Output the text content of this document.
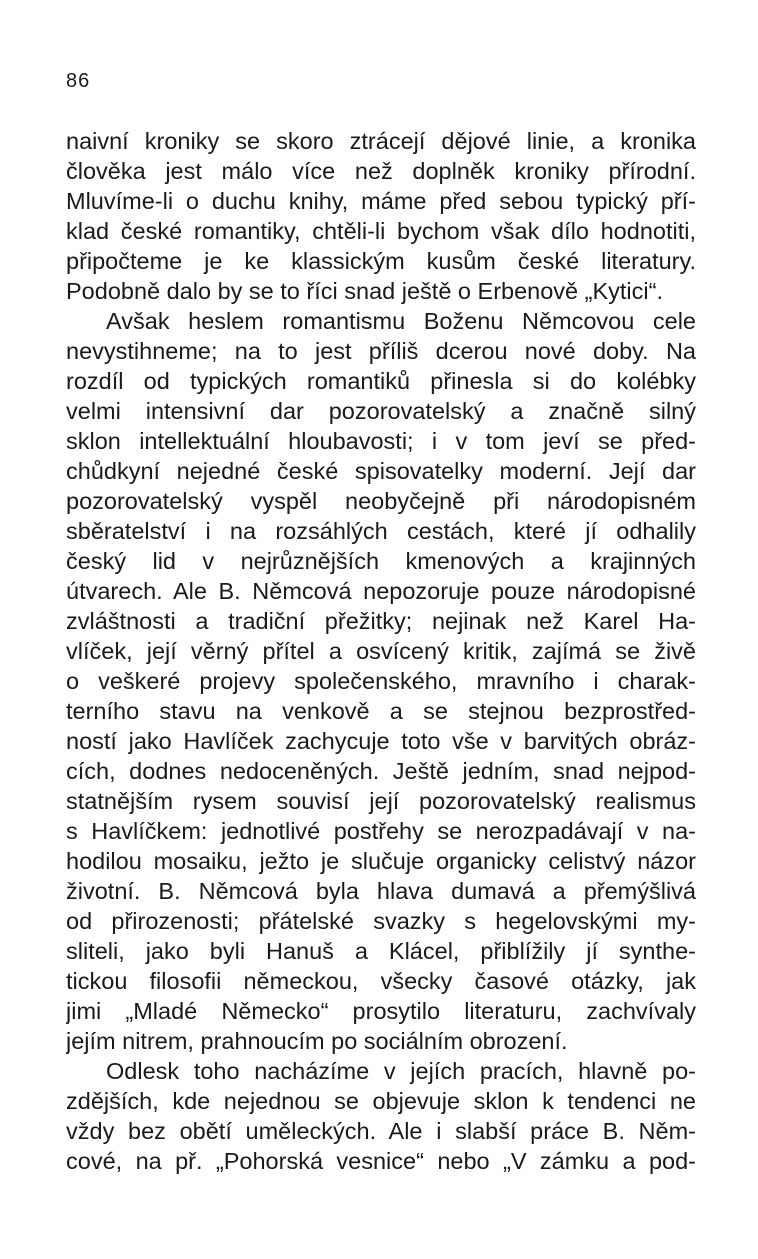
86
naivní kroniky se skoro ztrácejí dějové linie, a kronika
člověka jest málo více než doplněk kroniky přírodní.
Mluvíme-li o duchu knihy, máme před sebou typický pří-
klad české romantiky, chtěli-li bychom však dílo hodnotiti,
připočteme je ke klassickým kusům české literatury.
Podobně dalo by se to říci snad ještě o Erbenově „Kytici“.
Avšak heslem romantismu Boženu Němcovou cele
nevystihneme; na to jest příliš dcerou nové doby. Na
rozdíl od typických romantiků přinesla si do kolébky
velmi intensivní dar pozorovatelský a značně silný
sklon intellektuální hloubavosti; i v tom jeví se před-
chůdkyní nejedné české spisovatelky moderní. Její dar
pozorovatelský vyspěl neobyčejně při národopisném
sběratelství i na rozsáhlých cestách, které jí odhalily
český lid v nejrůznějších kmenových a krajinných
útvarech. Ale B. Němcová nepozoruje pouze národopisné
zvláštnosti a tradiční přežitky; nejinak než Karel Ha-
vlíček, její věrný přítel a osvícený kritik, zajímá se živě
o veškeré projevy společenského, mravního i charak-
terního stavu na venkově a se stejnou bezprostřed-
ností jako Havlíček zachycuje toto vše v barvitých obráz-
cích, dodnes nedoceněných. Ještě jedním, snad nejpod-
statnějším rysem souvisí její pozorovatelský realismus
s Havlíčkem: jednotlivé postřehy se nerozpadávají v na-
hodilou mosaiku, ježto je slučuje organicky celistvý názor
životní. B. Němcová byla hlava dumavá a přemýšlivá
od přirozenosti; přátelské svazky s hegelovskými my-
sliteli, jako byli Hanuš a Klácel, přiblížily jí synthe-
tickou filosofii německou, všecky časové otázky, jak
jimi „Mladé Německo“ prosytilo literaturu, zachvívaly
jejím nitrem, prahnoucím po sociálním obrození.
Odlesk toho nacházíme v jejích pracích, hlavně po-
zdějších, kde nejednou se objevuje sklon k tendenci ne
vždy bez obětí uměleckých. Ale i slabší práce B. Něm-
cové, na př. „Pohorská vesnice“ nebo „V zámku a pod-
